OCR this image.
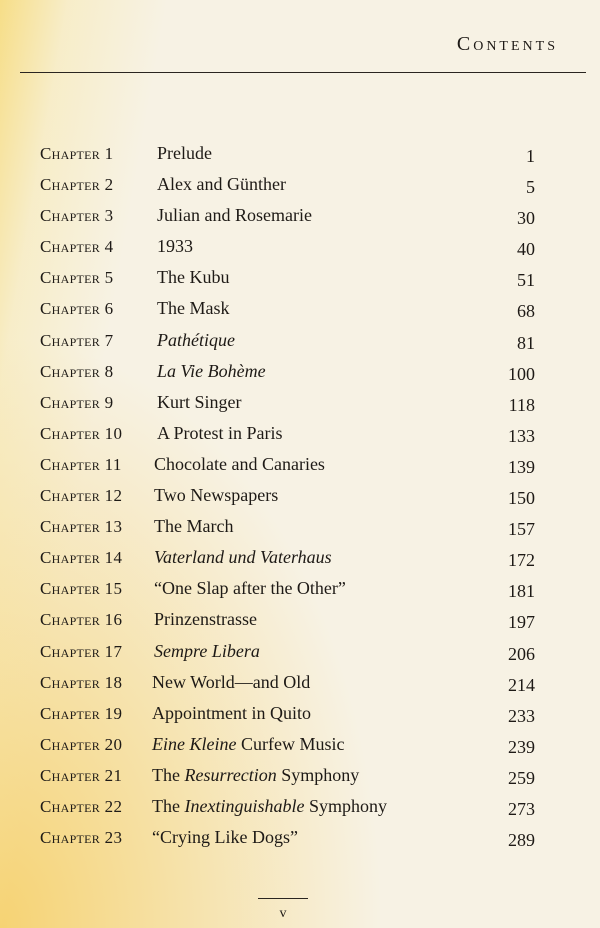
Contents
Chapter 1 Prelude	1
Chapter 2 Alex and Günther	5
Chapter 3 Julian and Rosemarie	30
Chapter 4 1933	40
Chapter 5 The Kubu	51
Chapter 6 The Mask	68
Chapter 7 Pathétique	81
Chapter 8 La Vie Bohème	100
Chapter 9 Kurt Singer	118
Chapter 10 A Protest in Paris	133
Chapter 11 Chocolate and Canaries	139
Chapter 12 Two Newspapers	150
Chapter 13 The March	157
Chapter 14 Vaterland und Vaterhaus	172
Chapter 15 “One Slap after the Other”	181
Chapter 16 Prinzenstrasse	197
Chapter 17 Sempre Libera	206
Chapter 18 New World—and Old	214
Chapter 19 Appointment in Quito	233
Chapter 20 Eine Kleine Curfew Music	239
Chapter 21 The Resurrection Symphony	259
Chapter 22 The Inextinguishable Symphony	273
Chapter 23 “Crying Like Dogs”	289
v
